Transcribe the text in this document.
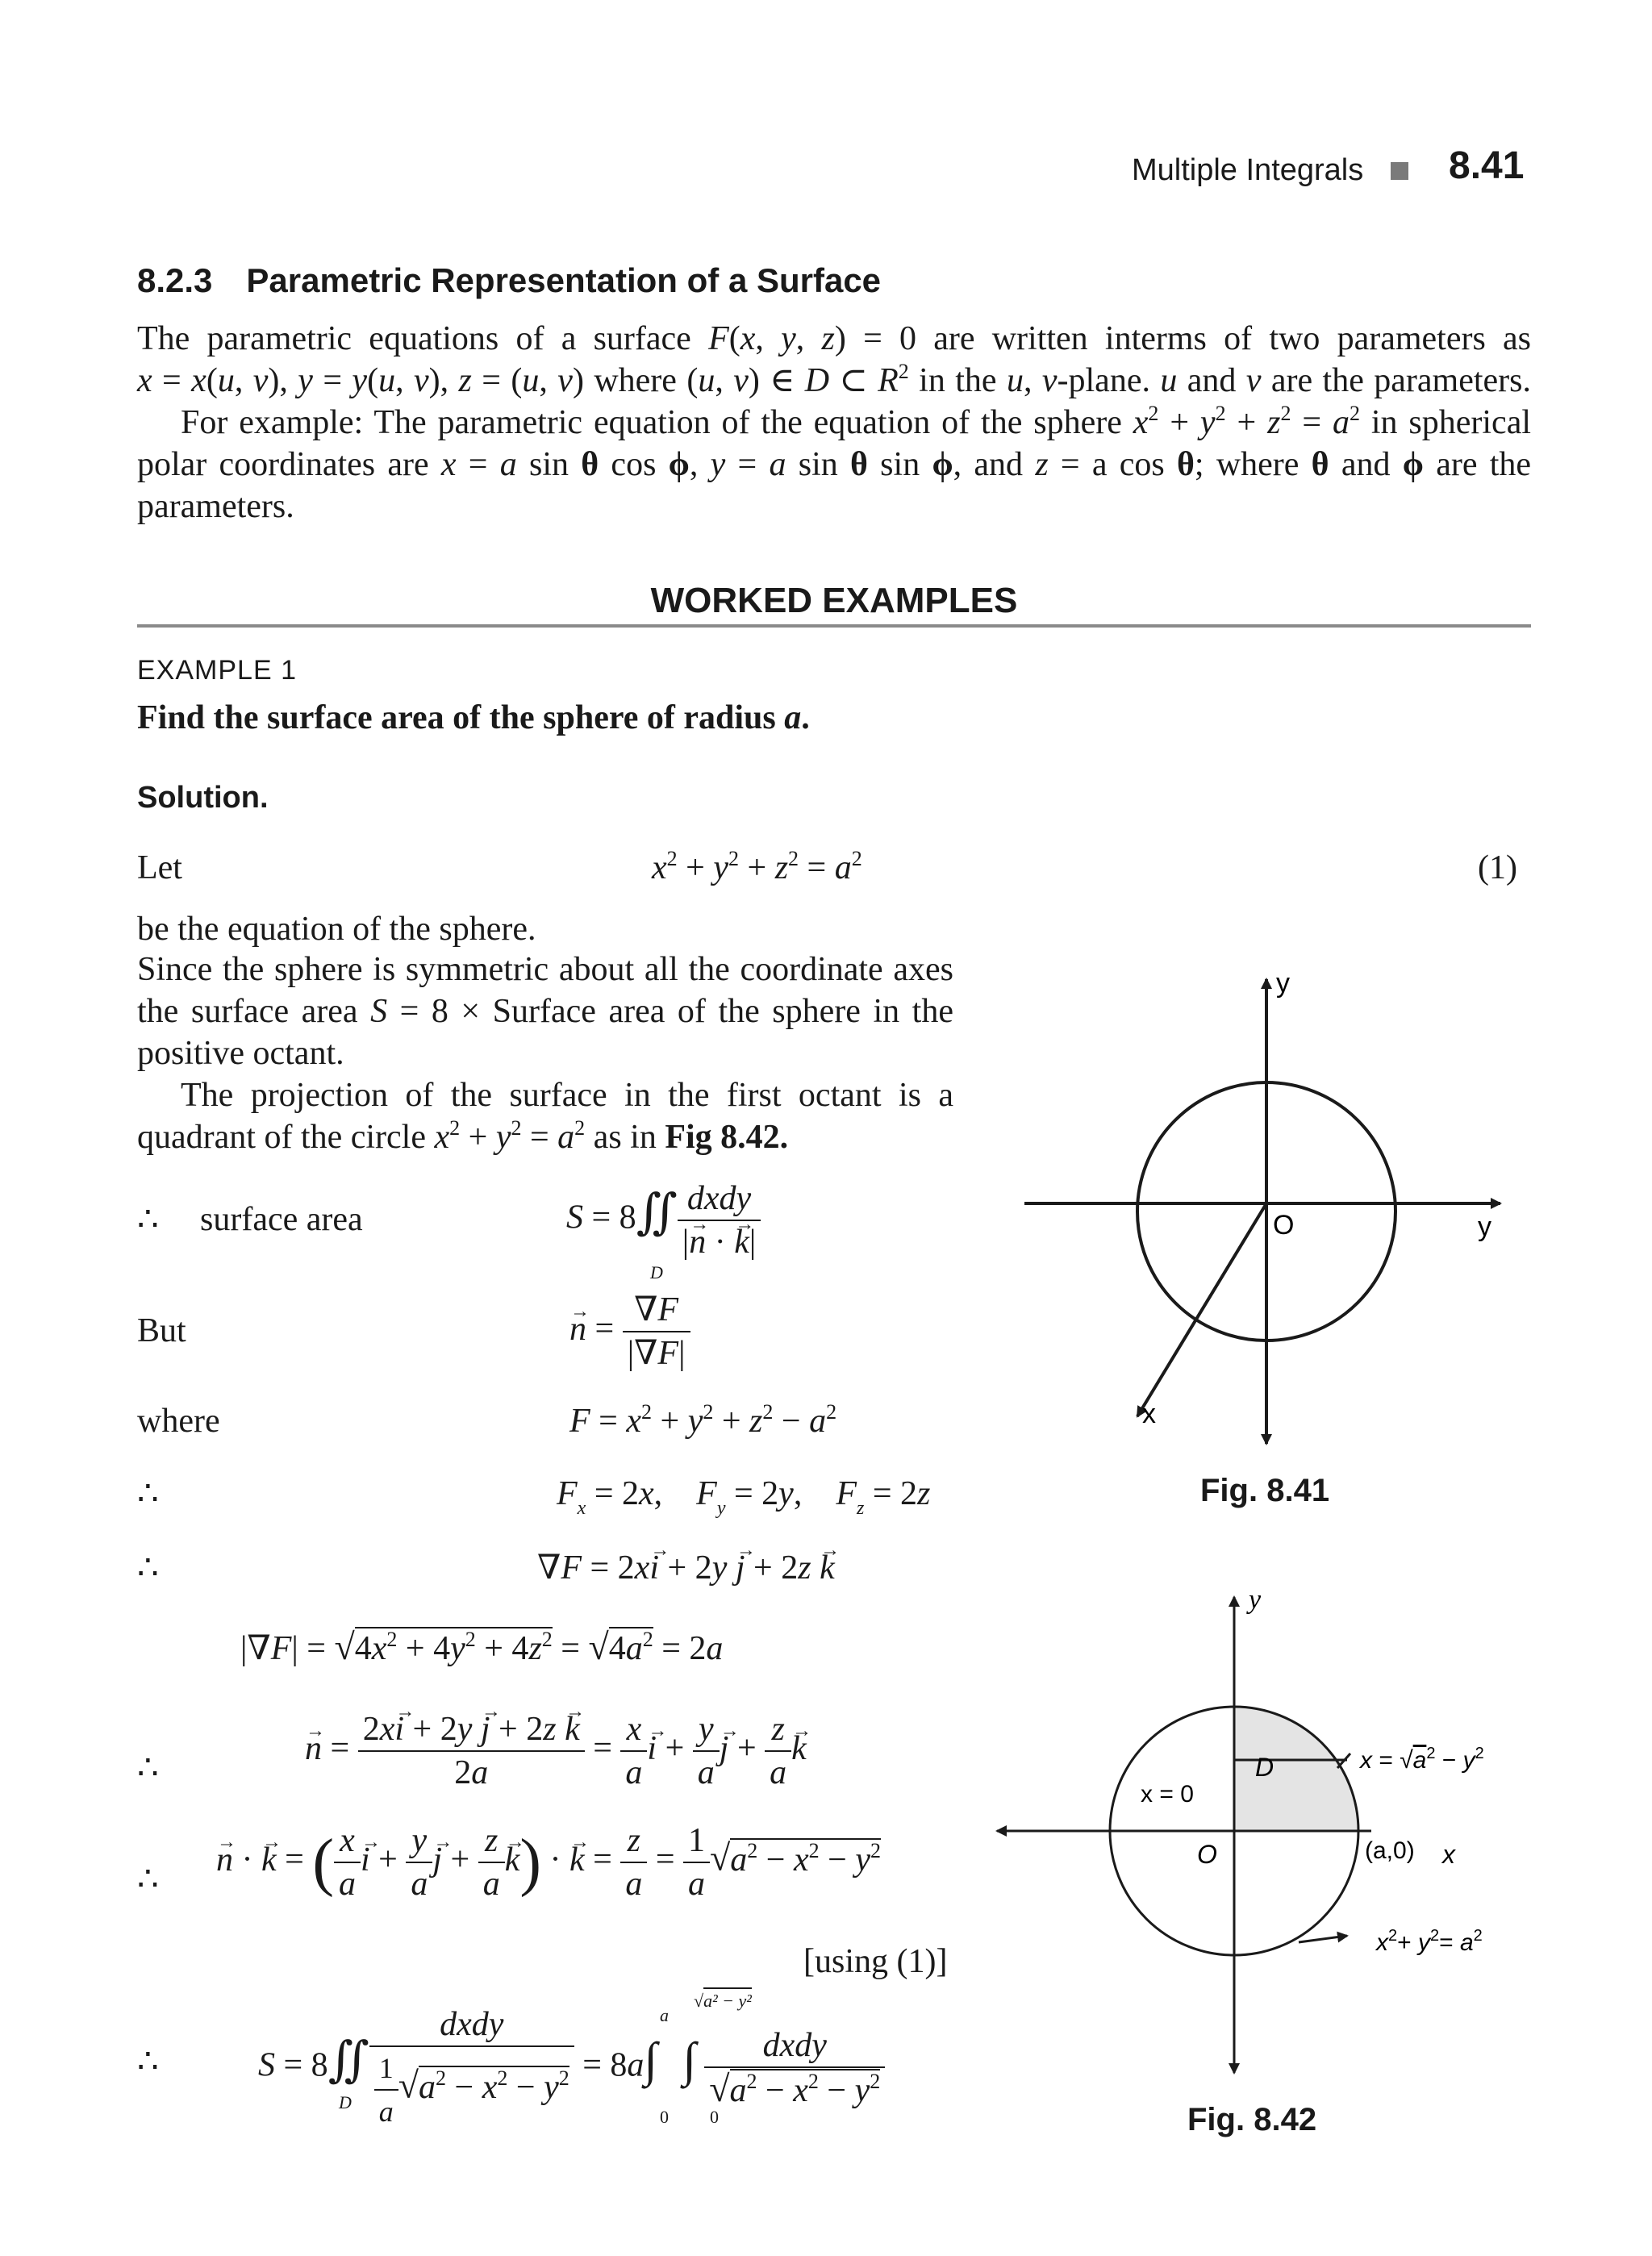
Multiple Integrals 8.41
8.2.3 Parametric Representation of a Surface
The parametric equations of a surface F(x, y, z) = 0 are written interms of two parameters as
x = x(u, v), y = y(u, v), z = (u, v) where (u, v) ∈ D ⊂ $R^2$ in the u, v-plane. u and v are the parameters.
For example: The parametric equation of the equation of the sphere $x^2 + y^2 + z^2 = a^2$ in spherical
polar coordinates are x = a sin θ cos ϕ, y = a sin θ sin ϕ, and z = a cos θ; where θ and ϕ are the
parameters.
WORKED EXAMPLES
EXAMPLE 1
Find the surface area of the sphere of radius a.
Solution.
Let	$x^2 + y^2 + z^2 = a^2$	(1)
be the equation of the sphere.
Since the sphere is symmetric about all the coordinate axes
the surface area S = 8 × Surface area of the sphere in the
positive octant.
The projection of the surface in the first octant is a
quadrant of the circle $x^2 + y^2 = a^2$ as in Fig 8.42.
∴ surface area	S = 8∬ $\frac{\text{dxdy}}{|\to n \cdot \to k|}$
D
But	→ $n = \frac{\nabla F}{|\nabla F|}$
where	$F = x^2 + y^2 + z^2 - a^2$
∴	$F_x = 2x$,    $F_y = 2y$,    $F_z = 2z$
∴	∇F = 2x→ i + 2y → j + 2z → k
$|\nabla F| = √4x^2 + 4y^2 + 4z^2 = √4a^2 = 2a$
∴
→ $n = \frac{2x\to i + 2y \to j + 2z \to k}{2a} = \frac{x}{a} \to i + \frac{y}{a} \to j + \frac{z}{a} \to k$
∴
→ n · → k = ( $\frac{x}{a} \to i + \frac{y}{a} \to j + \frac{z}{a} \to k$) · → $k = \frac{z}{a} = \frac{1}{a} √a^2 - x^2 - y^2$
[using (1)]
∴	S = 8∬ $\frac{\text{dxdy}}{\frac{1}{a} √a^2 - x^2 - y^2} = 8a\int$ ∫ $\frac{\text{dxdy}}{√a^2 - x^2 - y^2}$
D
a
0
√a² − y²
0
y
y
x
O
Fig. 8.41
y
x
O
D
x = 0
$x = √a^2 - y^2$
(a,0)
$x^2+ y^2= a^2$
Fig. 8.42
